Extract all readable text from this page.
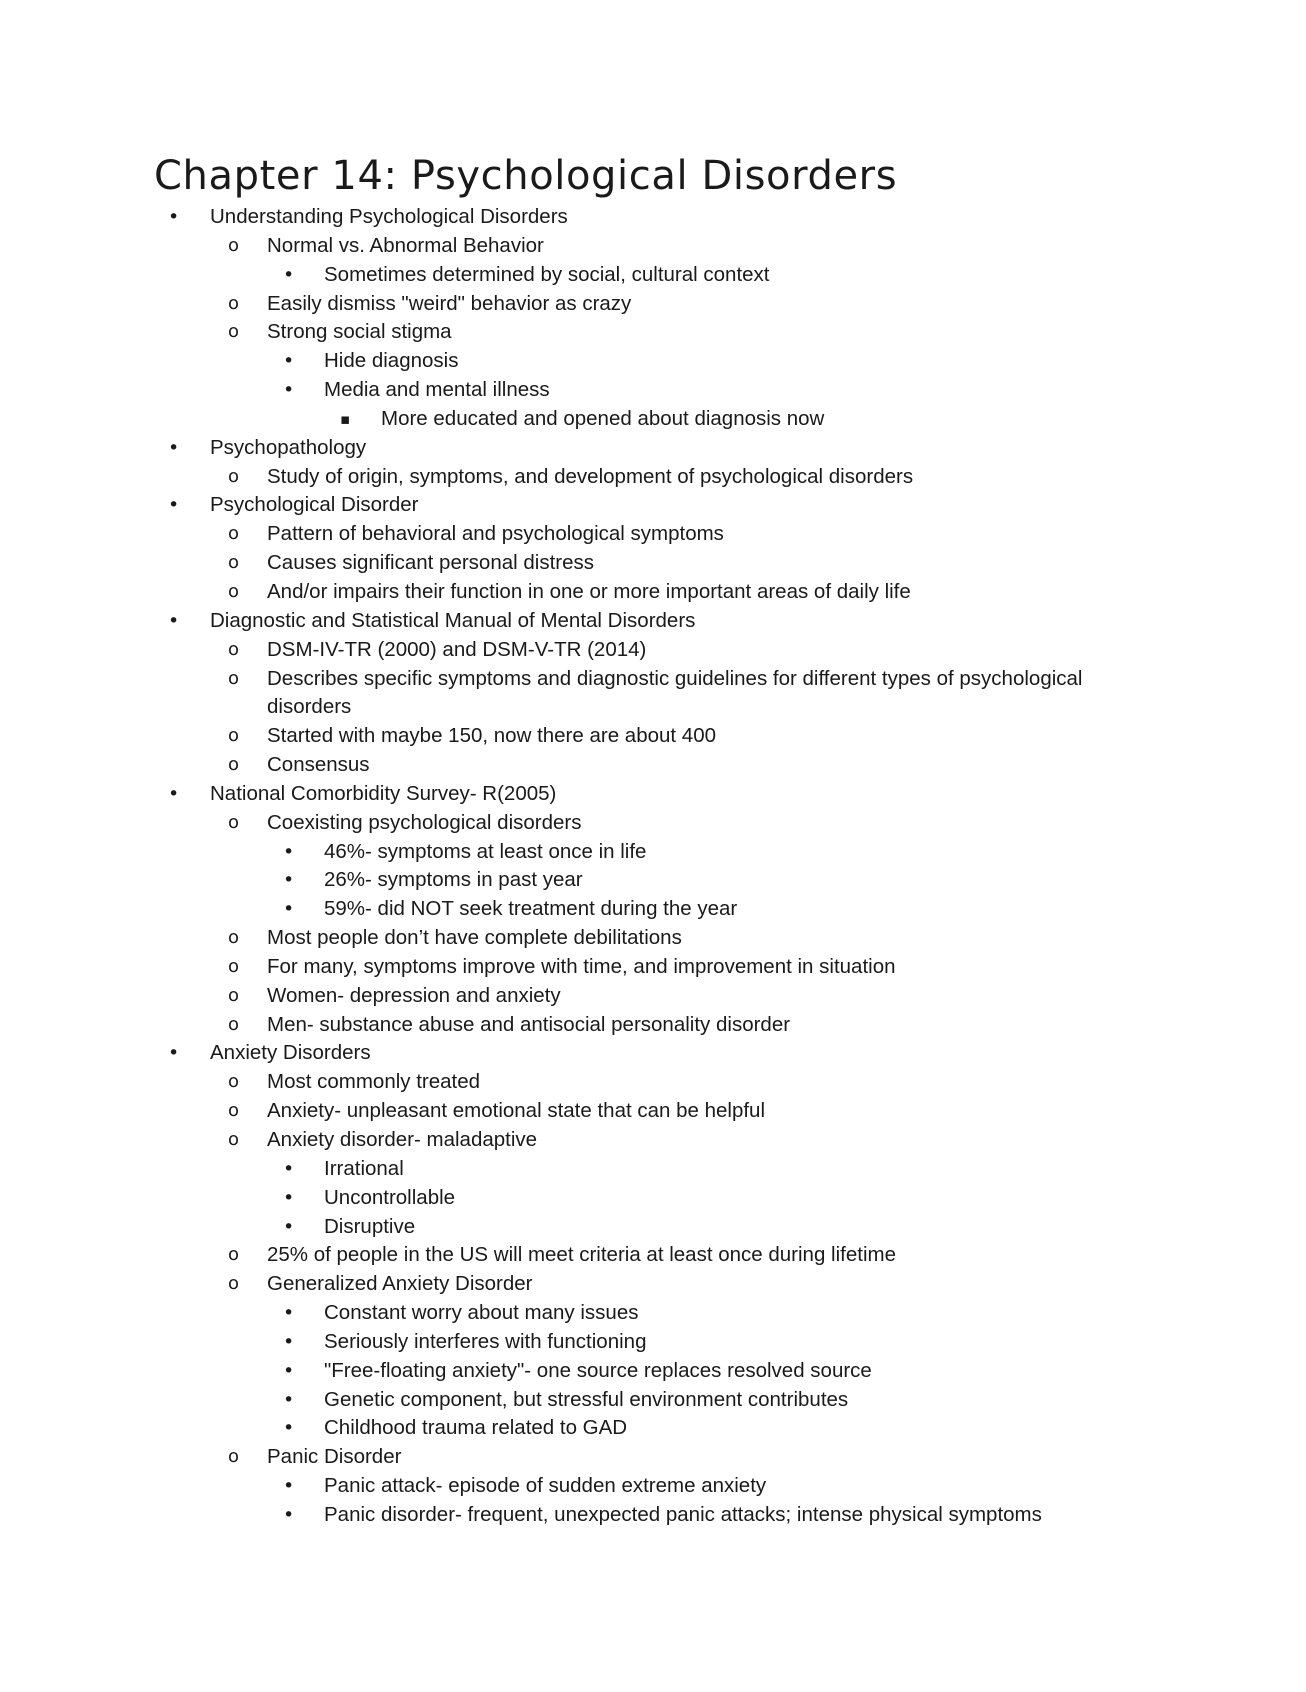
Chapter 14: Psychological Disorders
• Understanding Psychological Disorders
o Normal vs. Abnormal Behavior
• Sometimes determined by social, cultural context
o Easily dismiss "weird" behavior as crazy
o Strong social stigma
• Hide diagnosis
• Media and mental illness
▪ More educated and opened about diagnosis now
• Psychopathology
o Study of origin, symptoms, and development of psychological disorders
• Psychological Disorder
o Pattern of behavioral and psychological symptoms
o Causes significant personal distress
o And/or impairs their function in one or more important areas of daily life
• Diagnostic and Statistical Manual of Mental Disorders
o DSM-IV-TR (2000) and DSM-V-TR (2014)
o Describes specific symptoms and diagnostic guidelines for different types of psychological disorders
o Started with maybe 150, now there are about 400
o Consensus
• National Comorbidity Survey- R(2005)
o Coexisting psychological disorders
• 46%- symptoms at least once in life
• 26%- symptoms in past year
• 59%- did NOT seek treatment during the year
o Most people don’t have complete debilitations
o For many, symptoms improve with time, and improvement in situation
o Women- depression and anxiety
o Men- substance abuse and antisocial personality disorder
• Anxiety Disorders
o Most commonly treated
o Anxiety- unpleasant emotional state that can be helpful
o Anxiety disorder- maladaptive
• Irrational
• Uncontrollable
• Disruptive
o 25% of people in the US will meet criteria at least once during lifetime
o Generalized Anxiety Disorder
• Constant worry about many issues
• Seriously interferes with functioning
• "Free-floating anxiety"- one source replaces resolved source
• Genetic component, but stressful environment contributes
• Childhood trauma related to GAD
o Panic Disorder
• Panic attack- episode of sudden extreme anxiety
• Panic disorder- frequent, unexpected panic attacks; intense physical symptoms
